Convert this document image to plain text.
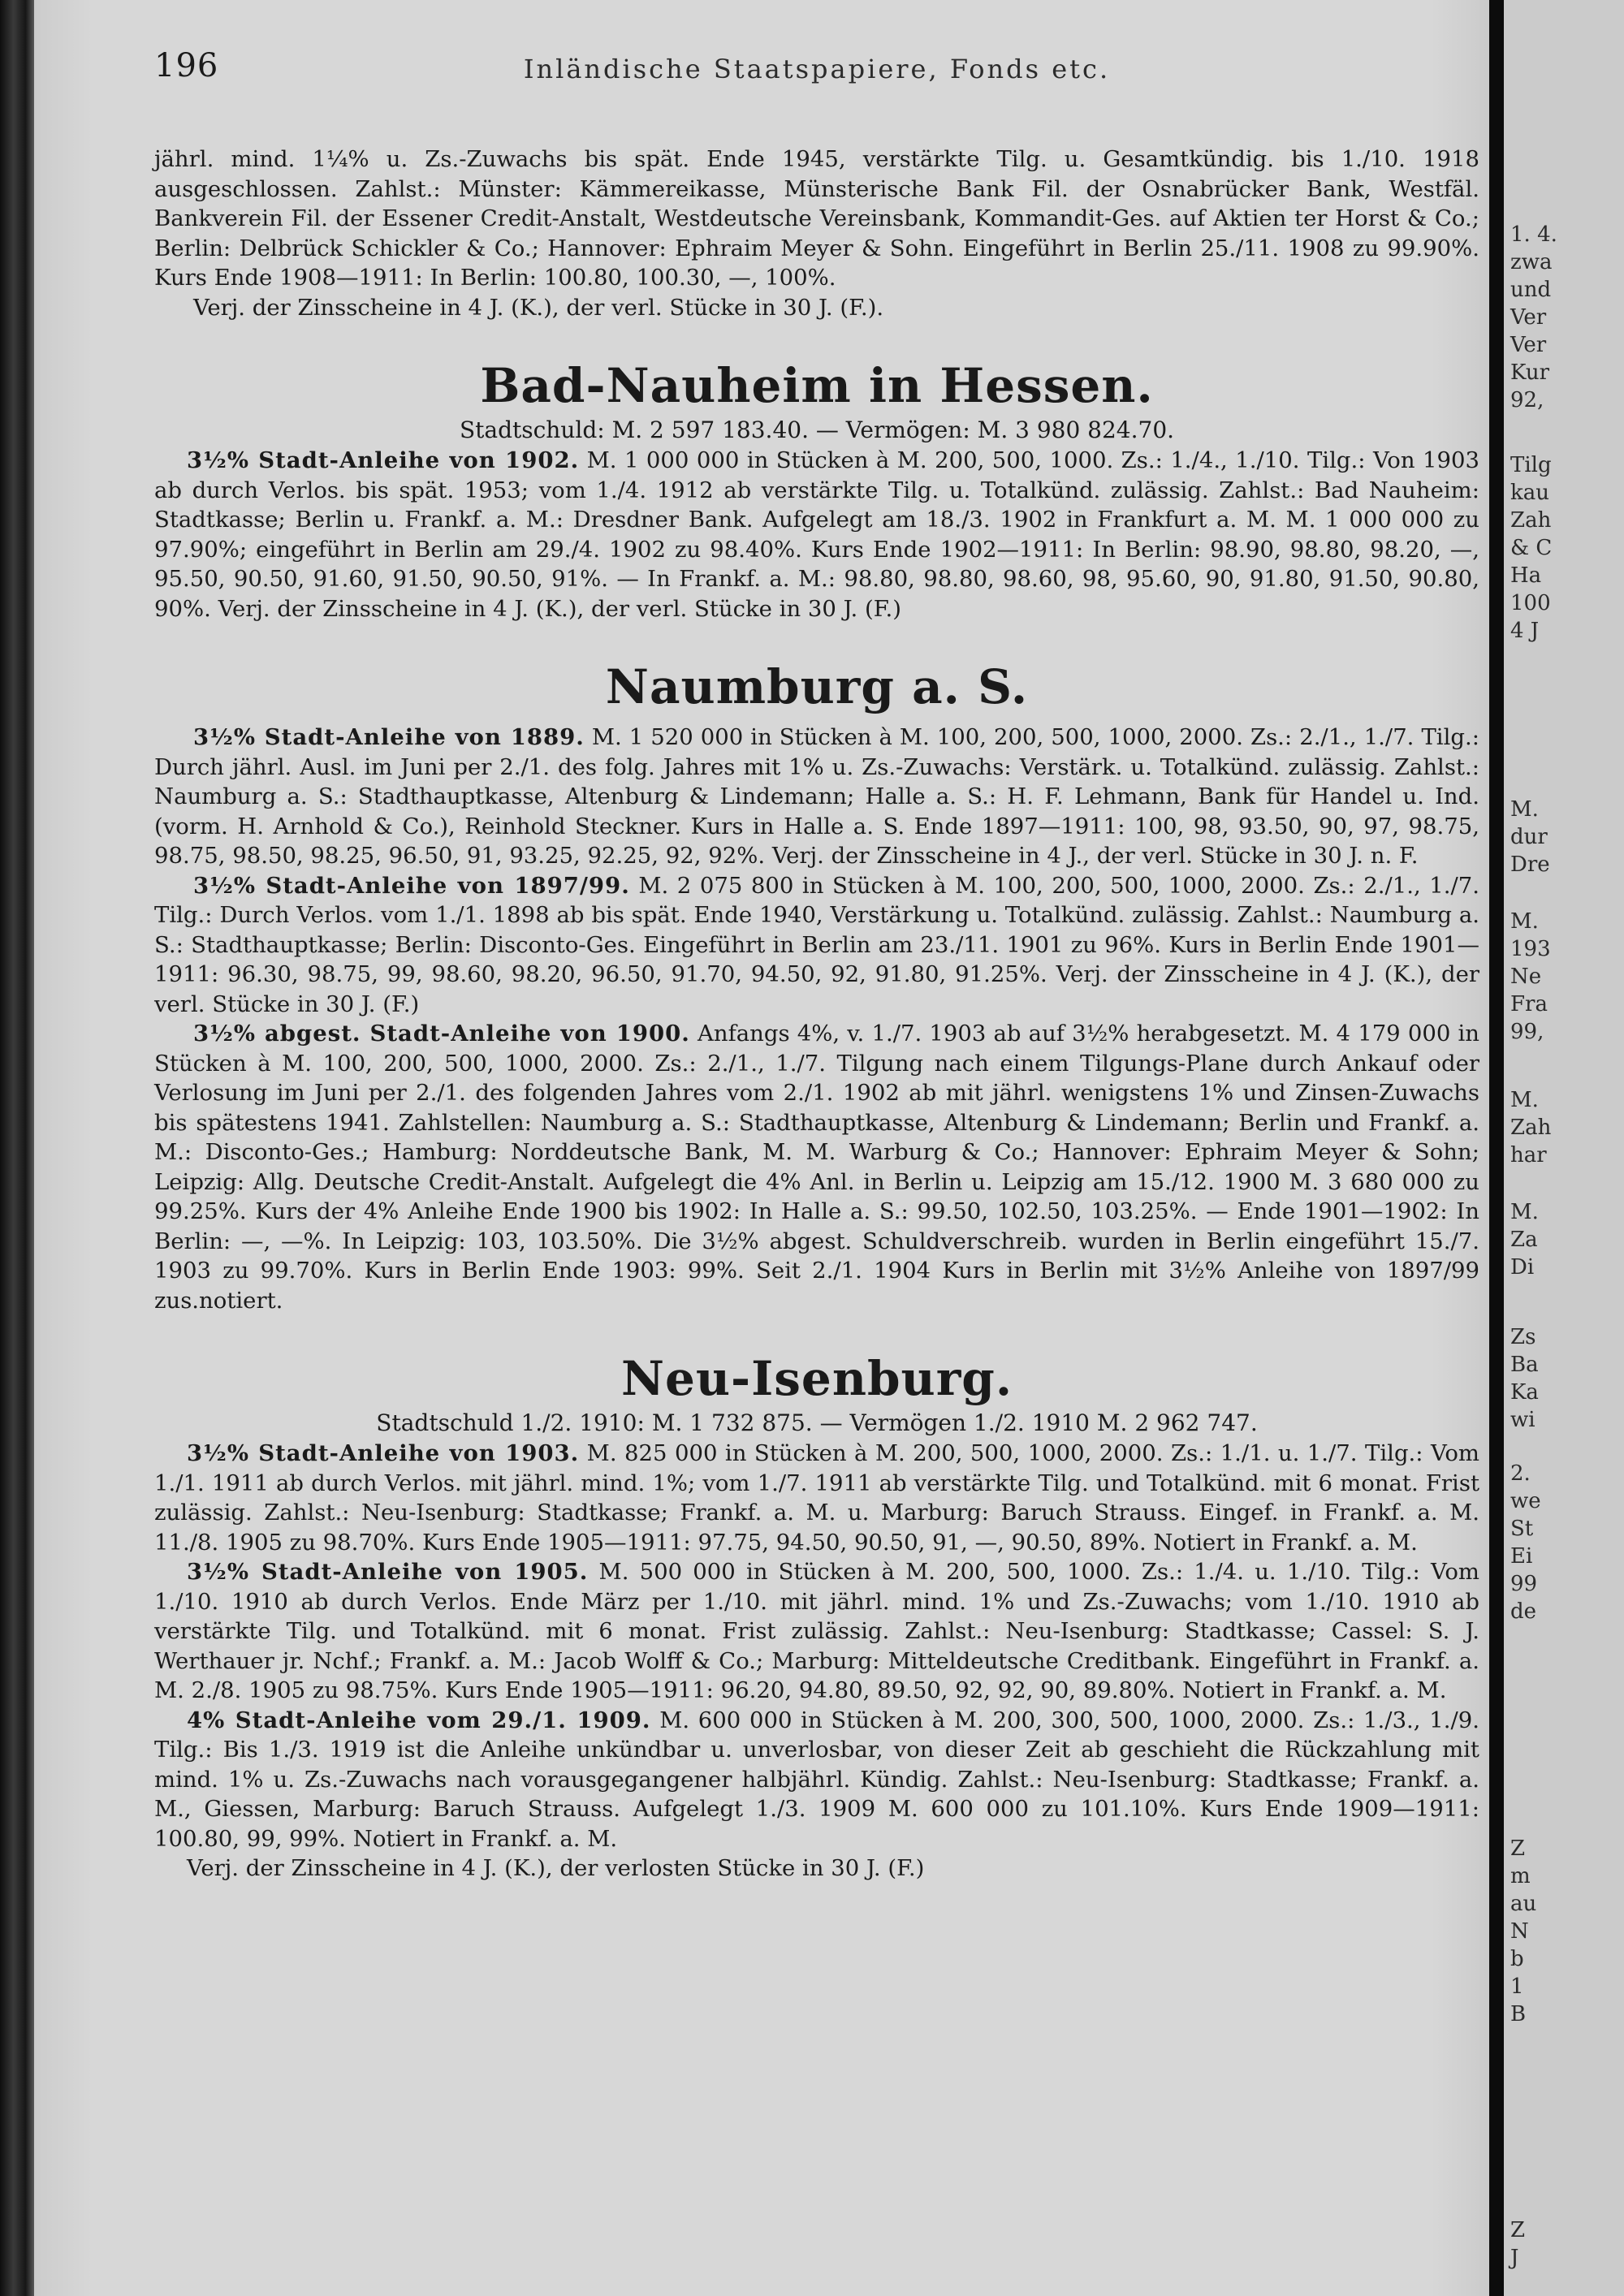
196	Inländische Staatspapiere, Fonds etc.

jährl. mind. 1¼% u. Zs.-Zuwachs bis spät. Ende 1945, verstärkte Tilg. u. Gesamtkündig. bis 1./10. 1918 ausgeschlossen. Zahlst.: Münster: Kämmereikasse, Münsterische Bank Fil. der Osnabrücker Bank, Westfäl. Bankverein Fil. der Essener Credit-Anstalt, Westdeutsche Vereinsbank, Kommandit-Ges. auf Aktien ter Horst & Co.; Berlin: Delbrück Schickler & Co.; Hannover: Ephraim Meyer & Sohn. Eingeführt in Berlin 25./11. 1908 zu 99.90%. Kurs Ende 1908—1911: In Berlin: 100.80, 100.30, —, 100%.

Verj. der Zinsscheine in 4 J. (K.), der verl. Stücke in 30 J. (F.).

Bad-Nauheim in Hessen.

Stadtschuld: M. 2 597 183.40. — Vermögen: M. 3 980 824.70.

3½% Stadt-Anleihe von 1902. M. 1 000 000 in Stücken à M. 200, 500, 1000. Zs.: 1./4., 1./10. Tilg.: Von 1903 ab durch Verlos. bis spät. 1953; vom 1./4. 1912 ab verstärkte Tilg. u. Totalkünd. zulässig. Zahlst.: Bad Nauheim: Stadtkasse; Berlin u. Frankf. a. M.: Dresdner Bank. Aufgelegt am 18./3. 1902 in Frankfurt a. M. M. 1 000 000 zu 97.90%; eingeführt in Berlin am 29./4. 1902 zu 98.40%. Kurs Ende 1902—1911: In Berlin: 98.90, 98.80, 98.20, —, 95.50, 90.50, 91.60, 91.50, 90.50, 91%. — In Frankf. a. M.: 98.80, 98.80, 98.60, 98, 95.60, 90, 91.80, 91.50, 90.80, 90%. Verj. der Zinsscheine in 4 J. (K.), der verl. Stücke in 30 J. (F.)

Naumburg a. S.

3½% Stadt-Anleihe von 1889. M. 1 520 000 in Stücken à M. 100, 200, 500, 1000, 2000. Zs.: 2./1., 1./7. Tilg.: Durch jährl. Ausl. im Juni per 2./1. des folg. Jahres mit 1% u. Zs.-Zuwachs: Verstärk. u. Totalkünd. zulässig. Zahlst.: Naumburg a. S.: Stadthauptkasse, Altenburg & Lindemann; Halle a. S.: H. F. Lehmann, Bank für Handel u. Ind. (vorm. H. Arnhold & Co.), Reinhold Steckner. Kurs in Halle a. S. Ende 1897—1911: 100, 98, 93.50, 90, 97, 98.75, 98.75, 98.50, 98.25, 96.50, 91, 93.25, 92.25, 92, 92%. Verj. der Zinsscheine in 4 J., der verl. Stücke in 30 J. n. F.

3½% Stadt-Anleihe von 1897/99. M. 2 075 800 in Stücken à M. 100, 200, 500, 1000, 2000. Zs.: 2./1., 1./7. Tilg.: Durch Verlos. vom 1./1. 1898 ab bis spät. Ende 1940, Verstärkung u. Totalkünd. zulässig. Zahlst.: Naumburg a. S.: Stadthauptkasse; Berlin: Disconto-Ges. Eingeführt in Berlin am 23./11. 1901 zu 96%. Kurs in Berlin Ende 1901—1911: 96.30, 98.75, 99, 98.60, 98.20, 96.50, 91.70, 94.50, 92, 91.80, 91.25%. Verj. der Zinsscheine in 4 J. (K.), der verl. Stücke in 30 J. (F.)

3½% abgest. Stadt-Anleihe von 1900. Anfangs 4%, v. 1./7. 1903 ab auf 3½% herabgesetzt. M. 4 179 000 in Stücken à M. 100, 200, 500, 1000, 2000. Zs.: 2./1., 1./7. Tilgung nach einem Tilgungs-Plane durch Ankauf oder Verlosung im Juni per 2./1. des folgenden Jahres vom 2./1. 1902 ab mit jährl. wenigstens 1% und Zinsen-Zuwachs bis spätestens 1941. Zahlstellen: Naumburg a. S.: Stadthauptkasse, Altenburg & Lindemann; Berlin und Frankf. a. M.: Disconto-Ges.; Hamburg: Norddeutsche Bank, M. M. Warburg & Co.; Hannover: Ephraim Meyer & Sohn; Leipzig: Allg. Deutsche Credit-Anstalt. Aufgelegt die 4% Anl. in Berlin u. Leipzig am 15./12. 1900 M. 3 680 000 zu 99.25%. Kurs der 4% Anleihe Ende 1900 bis 1902: In Halle a. S.: 99.50, 102.50, 103.25%. — Ende 1901—1902: In Berlin: —, —%. In Leipzig: 103, 103.50%. Die 3½% abgest. Schuldverschreib. wurden in Berlin eingeführt 15./7. 1903 zu 99.70%. Kurs in Berlin Ende 1903: 99%. Seit 2./1. 1904 Kurs in Berlin mit 3½% Anleihe von 1897/99 zus.notiert.

Neu-Isenburg.

Stadtschuld 1./2. 1910: M. 1 732 875. — Vermögen 1./2. 1910 M. 2 962 747.

3½% Stadt-Anleihe von 1903. M. 825 000 in Stücken à M. 200, 500, 1000, 2000. Zs.: 1./1. u. 1./7. Tilg.: Vom 1./1. 1911 ab durch Verlos. mit jährl. mind. 1%; vom 1./7. 1911 ab verstärkte Tilg. und Totalkünd. mit 6 monat. Frist zulässig. Zahlst.: Neu-Isenburg: Stadtkasse; Frankf. a. M. u. Marburg: Baruch Strauss. Eingef. in Frankf. a. M. 11./8. 1905 zu 98.70%. Kurs Ende 1905—1911: 97.75, 94.50, 90.50, 91, —, 90.50, 89%. Notiert in Frankf. a. M.

3½% Stadt-Anleihe von 1905. M. 500 000 in Stücken à M. 200, 500, 1000. Zs.: 1./4. u. 1./10. Tilg.: Vom 1./10. 1910 ab durch Verlos. Ende März per 1./10. mit jährl. mind. 1% und Zs.-Zuwachs; vom 1./10. 1910 ab verstärkte Tilg. und Totalkünd. mit 6 monat. Frist zulässig. Zahlst.: Neu-Isenburg: Stadtkasse; Cassel: S. J. Werthauer jr. Nchf.; Frankf. a. M.: Jacob Wolff & Co.; Marburg: Mitteldeutsche Creditbank. Eingeführt in Frankf. a. M. 2./8. 1905 zu 98.75%. Kurs Ende 1905—1911: 96.20, 94.80, 89.50, 92, 92, 90, 89.80%. Notiert in Frankf. a. M.

4% Stadt-Anleihe vom 29./1. 1909. M. 600 000 in Stücken à M. 200, 300, 500, 1000, 2000. Zs.: 1./3., 1./9. Tilg.: Bis 1./3. 1919 ist die Anleihe unkündbar u. unverlosbar, von dieser Zeit ab geschieht die Rückzahlung mit mind. 1% u. Zs.-Zuwachs nach vorausgegangener halbjährl. Kündig. Zahlst.: Neu-Isenburg: Stadtkasse; Frankf. a. M., Giessen, Marburg: Baruch Strauss. Aufgelegt 1./3. 1909 M. 600 000 zu 101.10%. Kurs Ende 1909—1911: 100.80, 99, 99%. Notiert in Frankf. a. M.

Verj. der Zinsscheine in 4 J. (K.), der verlosten Stücke in 30 J. (F.)

1. 4.
zwa
und
Ver
Ver
Kur
92,
Tilg
kau
Zah
& C
Ha
100
4 J
M.
dur
Dre
M.
193
Ne
Fra
99,
M.
Zah
har
M.
Za
Di
Zs
Ba
Ka
wi
2.
we
St
Ei
99
de
Z
m
au
N
b
1
B
Z
J
